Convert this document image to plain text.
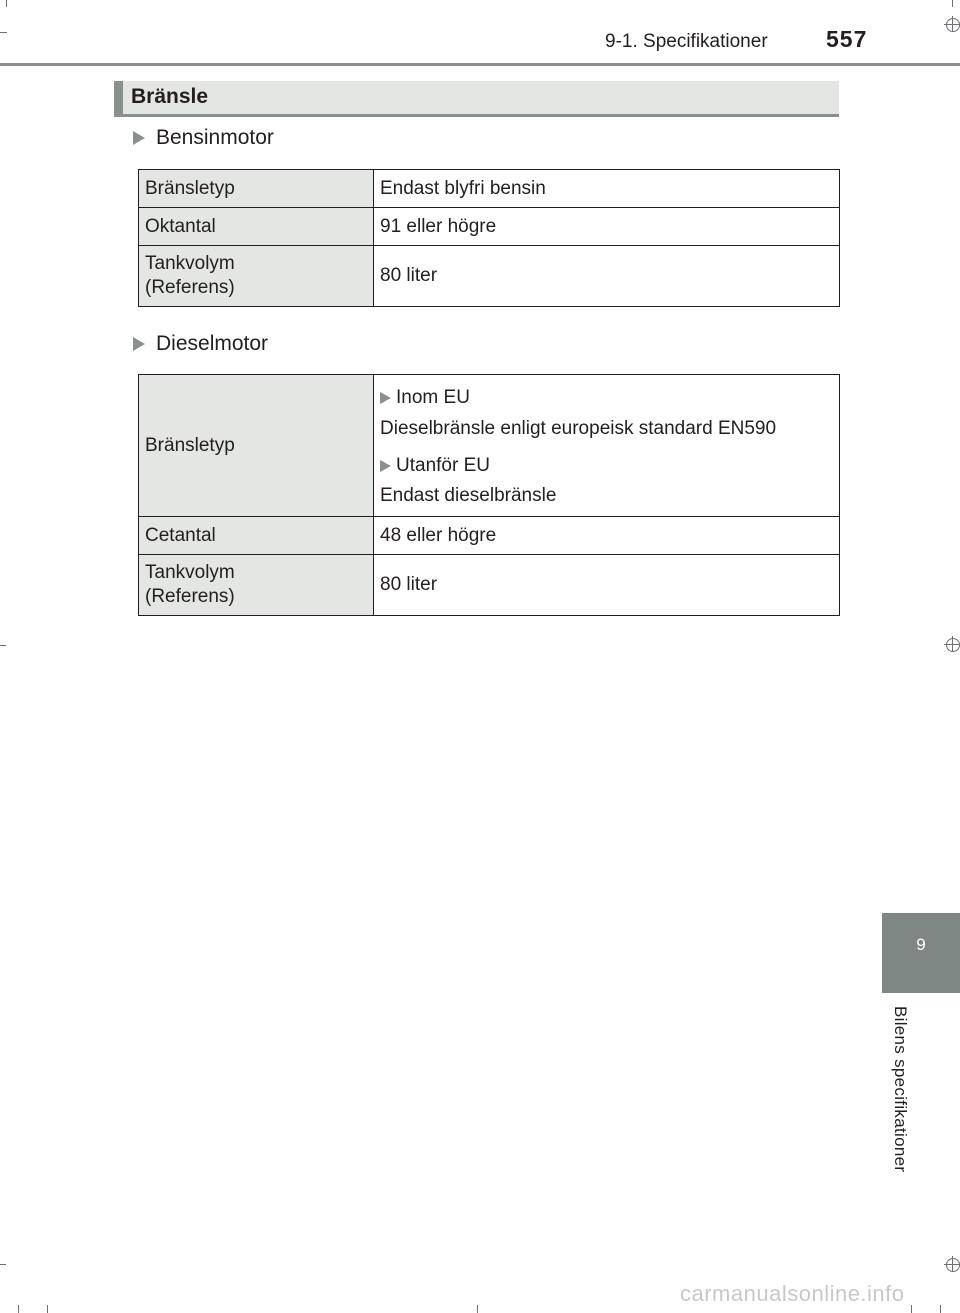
9-1. Specifikationer	557
Bränsle
Bensinmotor
Bränsletyp	Endast blyfri bensin
Oktantal	91 eller högre

Tankvolym
(Referens)	80 liter
Dieselmotor
Bränsletyp	Inom EU
Dieselbränsle enligt europeisk standard EN590
Utanför EU
Endast dieselbränsle

Cetantal	48 eller högre

Tankvolym
(Referens)	80 liter
9
Bilens specifikationer
carmanualsonline.info
